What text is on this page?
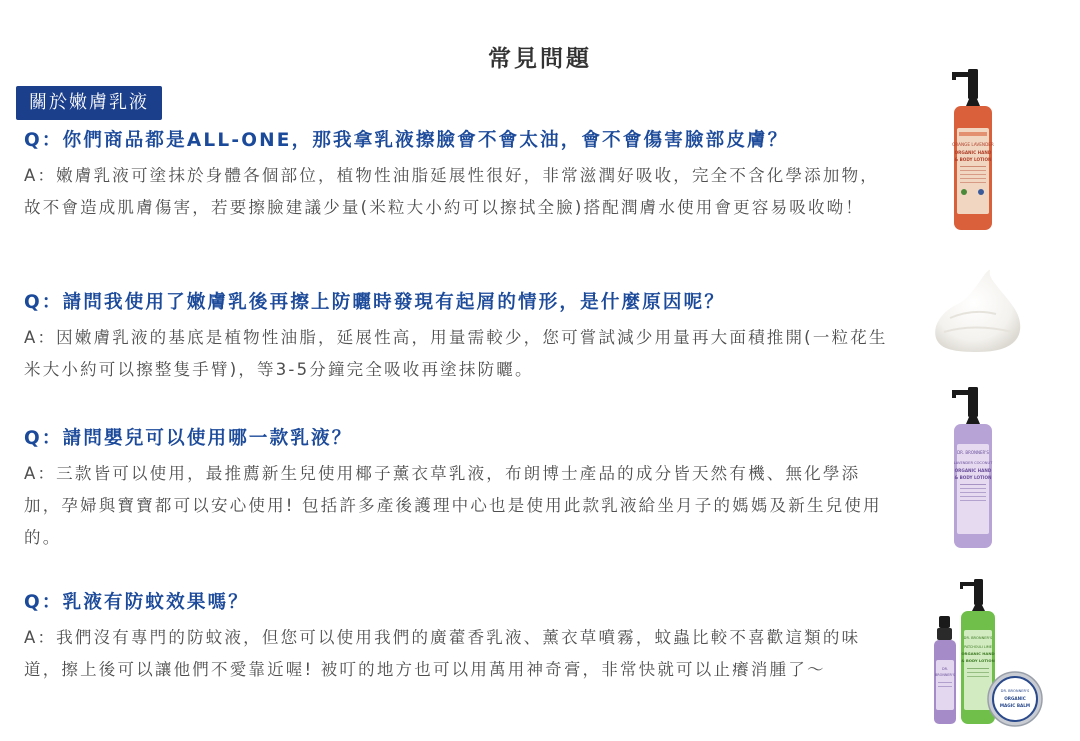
常見問題
關於嫩膚乳液
Q：你們商品都是ALL-ONE，那我拿乳液擦臉會不會太油，會不會傷害臉部皮膚？
A：嫩膚乳液可塗抹於身體各個部位，植物性油脂延展性很好，非常滋潤好吸收，完全不含化學添加物，故不會造成肌膚傷害，若要擦臉建議少量(米粒大小約可以擦拭全臉)搭配潤膚水使用會更容易吸收呦！
Q：請問我使用了嫩膚乳後再擦上防曬時發現有起屑的情形，是什麼原因呢？
A：因嫩膚乳液的基底是植物性油脂，延展性高，用量需較少，您可嘗試減少用量再大面積推開(一粒花生米大小約可以擦整隻手臂)，等3-5分鐘完全吸收再塗抹防曬。
Q：請問嬰兒可以使用哪一款乳液？
A：三款皆可以使用，最推薦新生兒使用椰子薰衣草乳液，布朗博士產品的成分皆天然有機、無化學添加，孕婦與寶寶都可以安心使用! 包括許多產後護理中心也是使用此款乳液給坐月子的媽媽及新生兒使用的。
Q：乳液有防蚊效果嗎？
A：我們沒有專門的防蚊液，但您可以使用我們的廣藿香乳液、薰衣草噴霧，蚊蟲比較不喜歡這類的味道，擦上後可以讓他們不愛靠近喔! 被叮的地方也可以用萬用神奇膏，非常快就可以止癢消腫了～
ORANGE LAVENDER
ORGANIC HAND
& BODY LOTION
DR. BRONNER'S
LAVENDER COCONUT
ORGANIC HAND
& BODY LOTION
DR. BRONNER'S
PATCHOULI LIME
ORGANIC HAND
& BODY LOTION
DR.
BRONNER'S
DR. BRONNER'S
ORGANIC
MAGIC BALM
